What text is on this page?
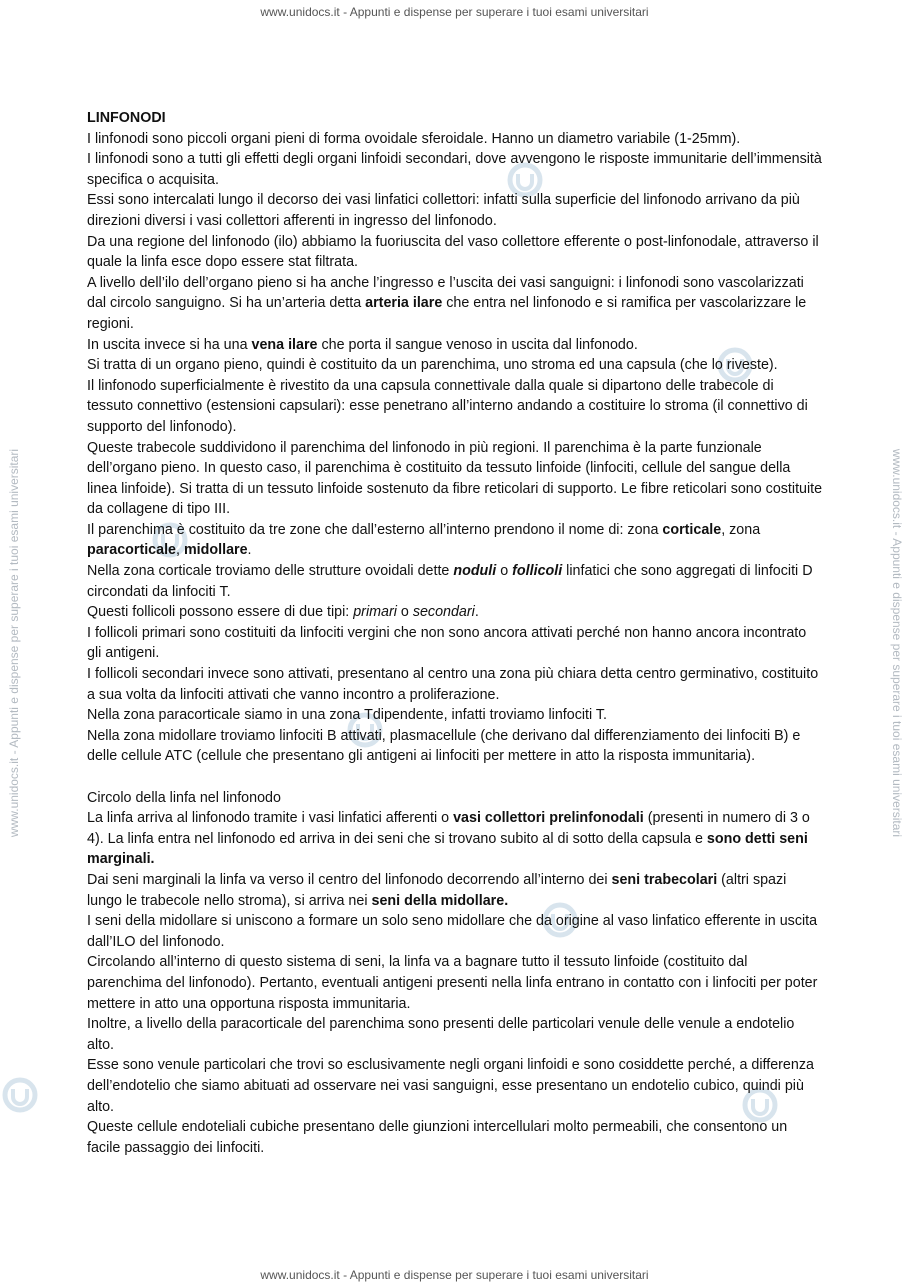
www.unidocs.it - Appunti e dispense per superare i tuoi esami universitari
www.unidocs.it - Appunti e dispense per superare i tuoi esami universitari
www.unidocs.it - Appunti e dispense per superare i tuoi esami universitari	www.unidocs.it - Appunti e dispense per superare i tuoi esami universitari

LINFONODI

I linfonodi sono piccoli organi pieni di forma ovoidale sferoidale. Hanno un diametro variabile (1-25mm).

I linfonodi sono a tutti gli effetti degli organi linfoidi secondari, dove avvengono le risposte immunitarie dell’immensità specifica o acquisita.

Essi sono intercalati lungo il decorso dei vasi linfatici collettori: infatti sulla superficie del linfonodo arrivano da più direzioni diversi i vasi collettori afferenti in ingresso del linfonodo.

Da una regione del linfonodo (ilo) abbiamo la fuoriuscita del vaso collettore efferente o post-linfonodale, attraverso il quale la linfa esce dopo essere stat filtrata.

A livello dell’ilo dell’organo pieno si ha anche l’ingresso e l’uscita dei vasi sanguigni: i linfonodi sono vascolarizzati dal circolo sanguigno. Si ha un’arteria detta arteria ilare che entra nel linfonodo e si ramifica per vascolarizzare le regioni.

In uscita invece si ha una vena ilare che porta il sangue venoso in uscita dal linfonodo.

Si tratta di un organo pieno, quindi è costituito da un parenchima, uno stroma ed una capsula (che lo riveste).

Il linfonodo superficialmente è rivestito da una capsula connettivale dalla quale si dipartono delle trabecole di tessuto connettivo (estensioni capsulari): esse penetrano all’interno andando a costituire lo stroma (il connettivo di supporto del linfonodo).

Queste trabecole suddividono il parenchima del linfonodo in più regioni. Il parenchima è la parte funzionale dell’organo pieno. In questo caso, il parenchima è costituito da tessuto linfoide (linfociti, cellule del sangue della linea linfoide). Si tratta di un tessuto linfoide sostenuto da fibre reticolari di supporto. Le fibre reticolari sono costituite da collagene di tipo III.

Il parenchima è costituito da tre zone che dall’esterno all’interno prendono il nome di: zona corticale, zona paracorticale, midollare.

Nella zona corticale troviamo delle strutture ovoidali dette noduli o follicoli linfatici che sono aggregati di linfociti D circondati da linfociti T.

Questi follicoli possono essere di due tipi: primari o secondari.

I follicoli primari sono costituiti da linfociti vergini che non sono ancora attivati perché non hanno ancora incontrato gli antigeni.

I follicoli secondari invece sono attivati, presentano al centro una zona più chiara detta centro germinativo, costituito a sua volta da linfociti attivati che vanno incontro a proliferazione.

Nella zona paracorticale siamo in una zona Tdipendente, infatti troviamo linfociti T.

Nella zona midollare troviamo linfociti B attivati, plasmacellule (che derivano dal differenziamento dei linfociti B) e delle cellule ATC (cellule che presentano gli antigeni ai linfociti per mettere in atto la risposta immunitaria).

Circolo della linfa nel linfonodo

La linfa arriva al linfonodo tramite i vasi linfatici afferenti o vasi collettori prelinfonodali (presenti in numero di 3 o 4). La linfa entra nel linfonodo ed arriva in dei seni che si trovano subito al di sotto della capsula e sono detti seni marginali.

Dai seni marginali la linfa va verso il centro del linfonodo decorrendo all’interno dei seni trabecolari (altri spazi lungo le trabecole nello stroma), si arriva nei seni della midollare.

I seni della midollare si uniscono a formare un solo seno midollare che da origine al vaso linfatico efferente in uscita dall’ILO del linfonodo.

Circolando all’interno di questo sistema di seni, la linfa va a bagnare tutto il tessuto linfoide (costituito dal parenchima del linfonodo). Pertanto, eventuali antigeni presenti nella linfa entrano in contatto con i linfociti per poter mettere in atto una opportuna risposta immunitaria.

Inoltre, a livello della paracorticale del parenchima sono presenti delle particolari venule delle venule a endotelio alto.

Esse sono venule particolari che trovi so esclusivamente negli organi linfoidi e sono cosiddette perché, a differenza dell’endotelio che siamo abituati ad osservare nei vasi sanguigni, esse presentano un endotelio cubico, quindi più alto.

Queste cellule endoteliali cubiche presentano delle giunzioni intercellulari molto permeabili, che consentono un facile passaggio dei linfociti.
